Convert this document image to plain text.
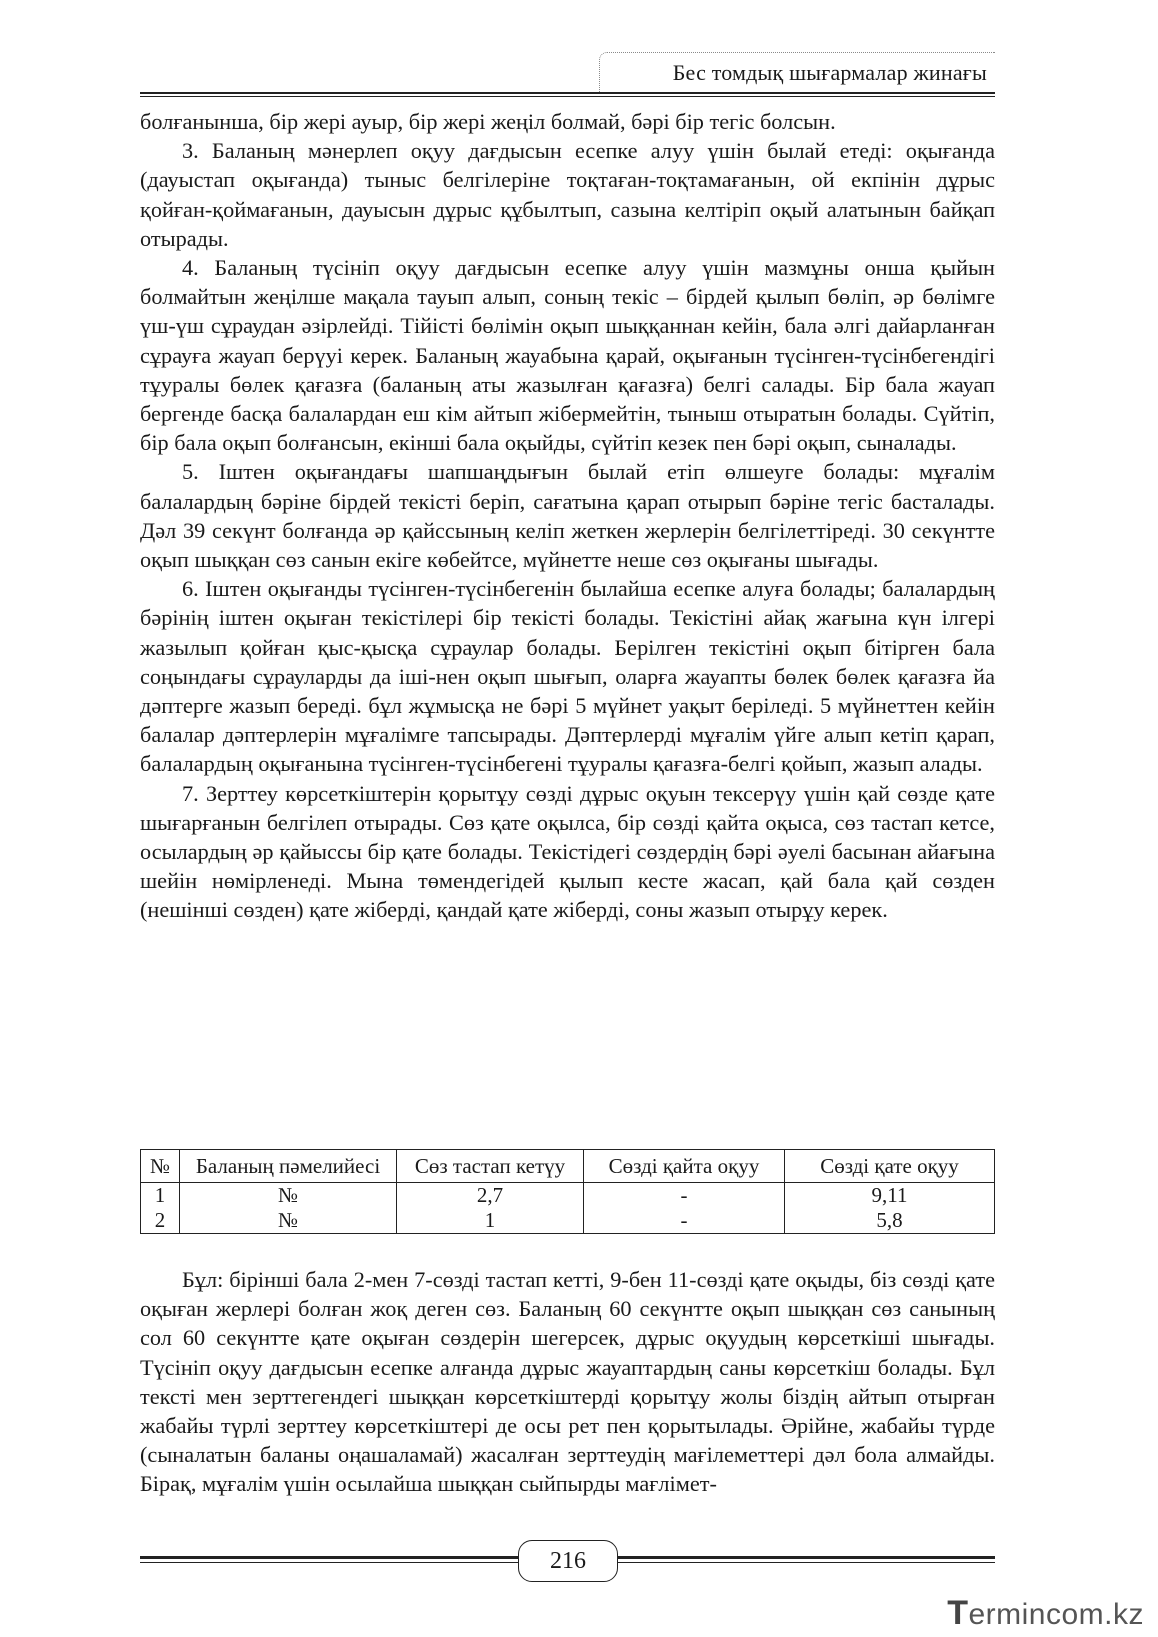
Бес томдық шығармалар жинағы

болғанынша, бір жері ауыр, бір жері жеңіл болмай, бәрі бір тегіс болсын.

3. Баланың мәнерлеп оқуу дағдысын есепке алуу үшін былай етеді: оқығанда (дауыстап оқығанда) тыныс белгілеріне тоқтаған-тоқтамағанын, ой екпінін дұрыс қойған-қоймағанын, дауысын дұрыс құбылтып, сазына келтіріп оқый алатынын байқап отырады.

4. Баланың түсініп оқуу дағдысын есепке алуу үшін мазмұны онша қыйын болмайтын жеңілше мақала тауып алып, соның текіс – бірдей қылып бөліп, әр бөлімге үш-үш сұраудан әзірлейді. Тійісті бөлімін оқып шыққаннан кейін, бала әлгі дайарланған сұрауға жауап берүуі керек. Баланың жауабына қарай, оқығанын түсінген-түсінбегендігі тұуралы бөлек қағазға (баланың аты жазылған қағазға) белгі салады. Бір бала жауап бергенде басқа балалардан еш кім айтып жібермейтін, тыныш отыратын болады. Сүйтіп, бір бала оқып болғансын, екінші бала оқыйды, сүйтіп кезек пен бәрі оқып, сыналады.

5. Іштен оқығандағы шапшаңдығын былай етіп өлшеуге болады: мұғалім балалардың бәріне бірдей текісті беріп, сағатына қарап отырып бәріне тегіс басталады. Дәл 39 секүнт болғанда әр қайссының келіп жеткен жерлерін белгілеттіреді. 30 секүнтте оқып шыққан сөз санын екіге көбейтсе, мүйнетте неше сөз оқығаны шығады.

6. Іштен оқығанды түсінген-түсінбегенін былайша есепке алуға болады; балалардың бәрінің іштен оқыған текістілері бір текісті болады. Текістіні айақ жағына күн ілгері жазылып қойған қыс-қысқа сұраулар болады. Берілген текістіні оқып бітірген бала соңындағы сұрауларды да іші-нен оқып шығып, оларға жауапты бөлек бөлек қағазға йа дәптерге жазып береді. бұл жұмысқа не бәрі 5 мүйнет уақыт беріледі. 5 мүйнеттен кейін балалар дәптерлерін мұғалімге тапсырады. Дәптерлерді мұғалім үйге алып кетіп қарап, балалардың оқығанына түсінген-түсінбегені тұуралы қағазға-белгі қойып, жазып алады.

7. Зерттеу көрсеткіштерін қорытұу сөзді дұрыс оқуын тексерүу үшін қай сөзде қате шығарғанын белгілеп отырады. Сөз қате оқылса, бір сөзді қайта оқыса, сөз тастап кетсе, осылардың әр қайыссы бір қате болады. Текістідегі сөздердің бәрі әуелі басынан айағына шейін нөмірленеді. Мына төмендегідей қылып кесте жасап, қай бала қай сөзден (нешінші сөзден) қате жіберді, қандай қате жіберді, соны жазып отырұу керек.

№	Баланың пәмелийесі	Сөз тастап кетүу	Сөзді қайта оқуу	Сөзді қате оқуу
1	№	2,7	-	9,11
2	№	1	-	5,8

Бұл: бірінші бала 2-мен 7-сөзді тастап кетті, 9-бен 11-сөзді қате оқыды, біз сөзді қате оқыған жерлері болған жоқ деген сөз. Баланың 60 секүнтте оқып шыққан сөз санының сол 60 секүнтте қате оқыған сөздерін шегерсек, дұрыс оқуудың көрсеткіші шығады. Түсініп оқуу дағдысын есепке алғанда дұрыс жауаптардың саны көрсеткіш болады. Бұл тексті мен зерттегендегі шыққан көрсеткіштерді қорытұу жолы біздің айтып отырған жабайы түрлі зерттеу көрсеткіштері де осы рет пен қорытылады. Әрійне, жабайы түрде (сыналатын баланы оңашаламай) жасалған зерттеудің мағілеметтері дәл бола алмайды. Бірақ, мұғалім үшін осылайша шыққан сыйпырды мағлімет-

216
Termincom.kz
